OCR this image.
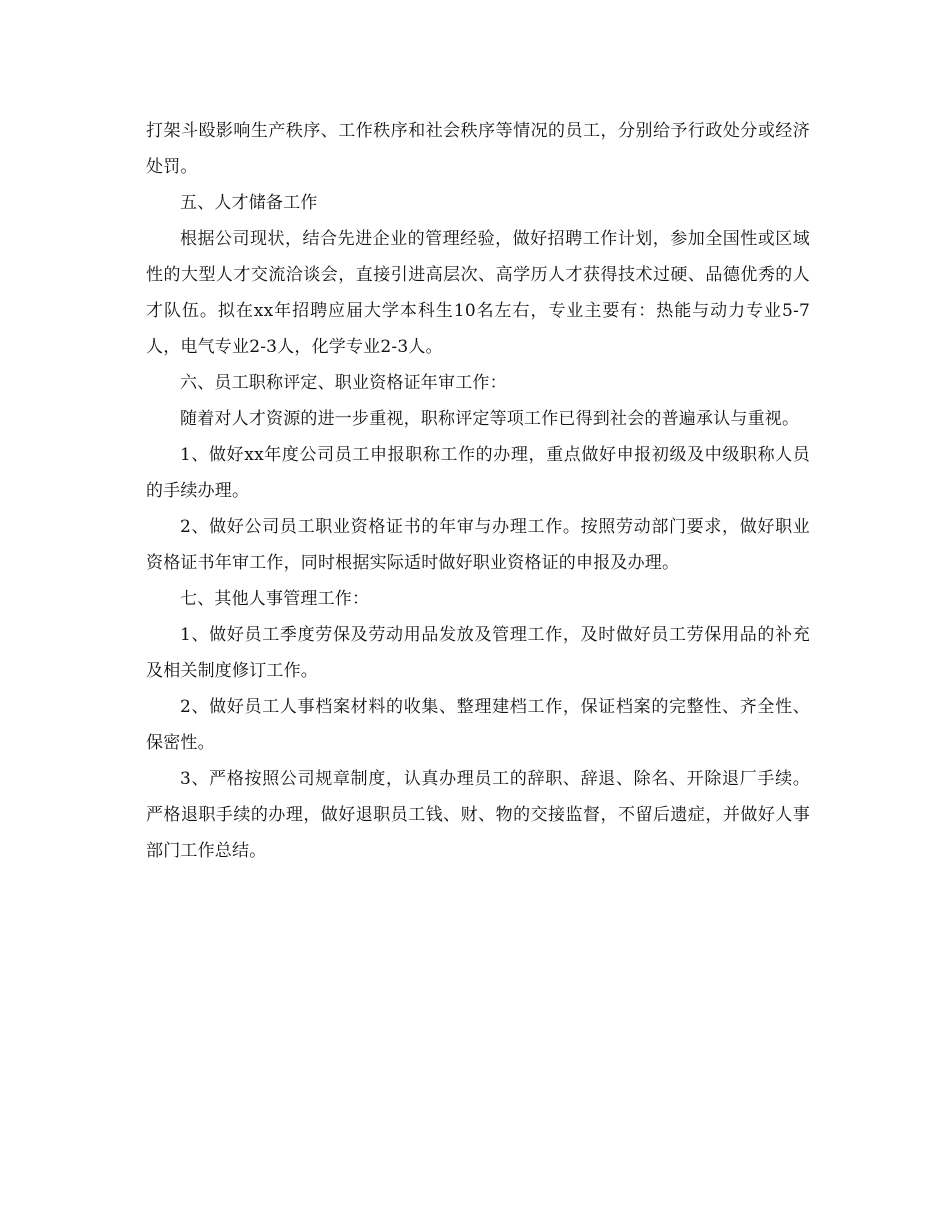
打架斗殴影响生产秩序、工作秩序和社会秩序等情况的员工，分别给予行政处分或经济处罚。

五、人才储备工作

根据公司现状，结合先进企业的管理经验，做好招聘工作计划，参加全国性或区域性的大型人才交流洽谈会，直接引进高层次、高学历人才获得技术过硬、品德优秀的人才队伍。拟在xx年招聘应届大学本科生10名左右，专业主要有：热能与动力专业5-7人，电气专业2-3人，化学专业2-3人。

六、员工职称评定、职业资格证年审工作：

随着对人才资源的进一步重视，职称评定等项工作已得到社会的普遍承认与重视。

1、做好xx年度公司员工申报职称工作的办理，重点做好申报初级及中级职称人员的手续办理。

2、做好公司员工职业资格证书的年审与办理工作。按照劳动部门要求，做好职业资格证书年审工作，同时根据实际适时做好职业资格证的申报及办理。

七、其他人事管理工作：

1、做好员工季度劳保及劳动用品发放及管理工作，及时做好员工劳保用品的补充及相关制度修订工作。

2、做好员工人事档案材料的收集、整理建档工作，保证档案的完整性、齐全性、保密性。

3、严格按照公司规章制度，认真办理员工的辞职、辞退、除名、开除退厂手续。严格退职手续的办理，做好退职员工钱、财、物的交接监督，不留后遗症，并做好人事部门工作总结。
